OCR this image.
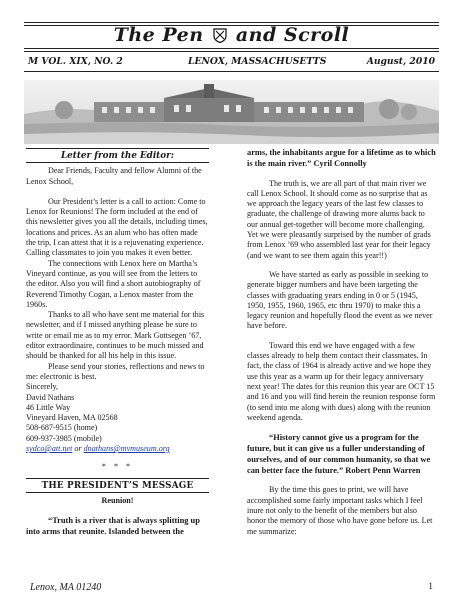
The Pen and Scroll
M VOL. XIX, NO. 2	LENOX, MASSACHUSETTS	August, 2010
Letter from the Editor:

Dear Friends, Faculty and fellow Alumni of the Lenox School,

Our President’s letter is a call to action: Come to Lenox for Reunions! The form included at the end of this newsletter gives you all the details, including times, locations and prices. As an alum who has often made the trip, I can attest that it is a rejuvenating experience. Calling classmates to join you makes it even better.

The connections with Lenox here on Martha’s Vineyard continue, as you will see from the letters to the editor. Also you will find a short autobiography of Reverend Timothy Cogan, a Lenox master from the 1960s.

Thanks to all who have sent me material for this newsletter, and if I missed anything please be sure to write or email me as to my error. Mark Gottsegen ’67, editor extraordinaire, continues to be much missed and should be thanked for all his help in this issue.

Please send your stories, reflections and news to me: electronic is best.

Sincerely,

David Nathans

46 Little Way

Vineyard Haven, MA 02568

508-687-9515 (home)

609-937-3985 (mobile)

sydco@att.net or dnathans@mvmuseum.org

* * *

THE PRESIDENT’S MESSAGE

Reunion!

“Truth is a river that is always splitting up into arms that reunite. Islanded between the

arms, the inhabitants argue for a lifetime as to which is the main river.” Cyril Connolly

The truth is, we are all part of that main river we call Lenox School. It should come as no surprise that as we approach the legacy years of the last few classes to graduate, the challenge of drawing more alums back to our annual get-together will become more challenging. Yet we were pleasantly surprised by the number of grads from Lenox ’69 who assembled last year for their legacy (and we want to see them again this year!!)

We have started as early as possible in seeking to generate bigger numbers and have been targeting the classes with graduating years ending in 0 or 5 (1945, 1950, 1955, 1960, 1965, etc thru 1970) to make this a legacy reunion and hopefully flood the event as we never have before.

Toward this end we have engaged with a few classes already to help them contact their classmates. In fact, the class of 1964 is already active and we hope they use this year as a warm up for their legacy anniversary next year! The dates for this reunion this year are OCT 15 and 16 and you will find herein the reunion response form (to send into me along with dues) along with the reunion weekend agenda.

“History cannot give us a program for the future, but it can give us a fuller understanding of ourselves, and of our common humanity, so that we can better face the future.” Robert Penn Warren

By the time this goes to print, we will have accomplished some fairly important tasks which I feel inure not only to the benefit of the members but also honor the memory of those who have gone before us. Let me summarize:

Lenox, MA 01240	1
